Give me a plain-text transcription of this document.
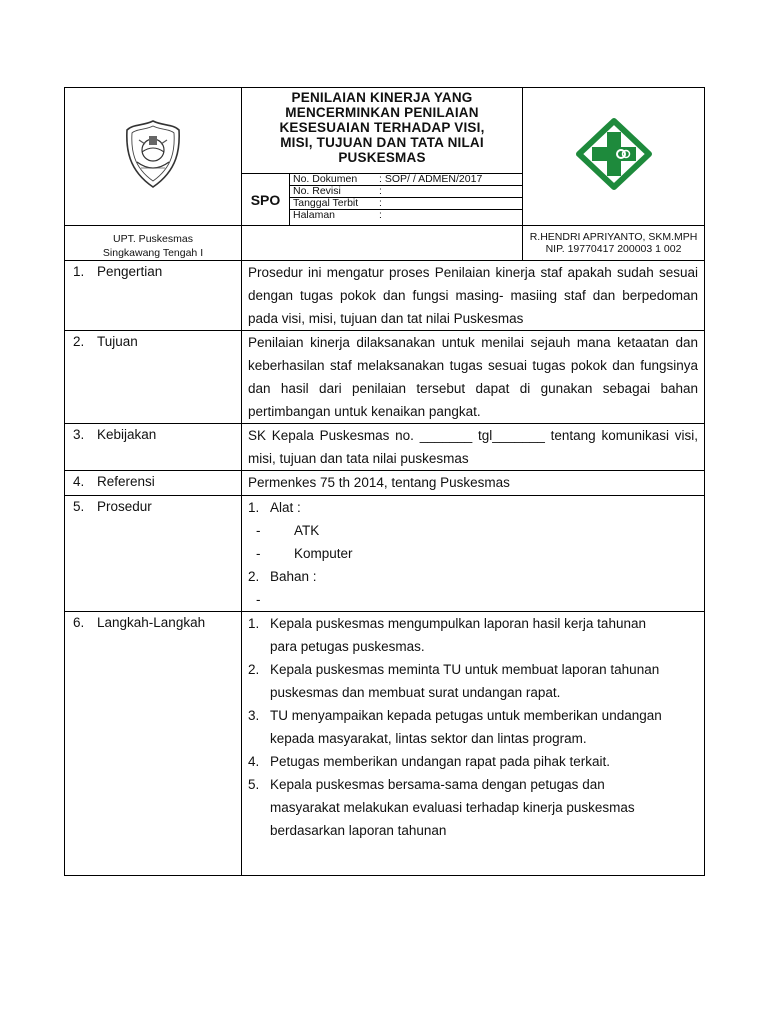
PENILAIAN KINERJA YANG
MENCERMINKAN PENILAIAN
KESESUAIAN TERHADAP VISI,
MISI, TUJUAN DAN TATA NILAI
PUSKESMAS

SPO	
No. Dokumen	: SOP/ / ADMEN/2017
No. Revisi	:
Tanggal Terbit	:
Halaman	:

UPT. Puskesmas
Singkawang Tengah I

R.HENDRI APRIYANTO, SKM.MPH
NIP. 19770417 200003 1 002

1. Pengertian	Prosedur ini mengatur proses Penilaian kinerja staf apakah sudah sesuai dengan tugas pokok dan fungsi masing- masiing staf dan berpedoman pada visi, misi, tujuan dan tat nilai Puskesmas
2. Tujuan	Penilaian kinerja dilaksanakan untuk menilai sejauh mana ketaatan dan keberhasilan staf melaksanakan tugas sesuai tugas pokok dan fungsinya dan hasil dari penilaian tersebut dapat di gunakan sebagai bahan pertimbangan untuk kenaikan pangkat.
3. Kebijakan	SK Kepala Puskesmas no. _______ tgl_______ tentang komunikasi visi, misi, tujuan dan tata nilai puskesmas
4. Referensi	Permenkes 75 th 2014, tentang Puskesmas
5. Prosedur	1. Alat :
-	ATK
-	Komputer
2. Bahan :
-

6. Langkah-Langkah	1. Kepala puskesmas mengumpulkan laporan hasil kerja tahunan para petugas puskesmas.
2. Kepala puskesmas meminta TU untuk membuat laporan tahunan puskesmas dan membuat surat undangan rapat.
3. TU menyampaikan kepada petugas untuk memberikan undangan kepada masyarakat, lintas sektor dan lintas program.
4. Petugas memberikan undangan rapat pada pihak terkait.
5. Kepala puskesmas bersama-sama dengan petugas dan masyarakat melakukan evaluasi terhadap kinerja puskesmas berdasarkan laporan tahunan
